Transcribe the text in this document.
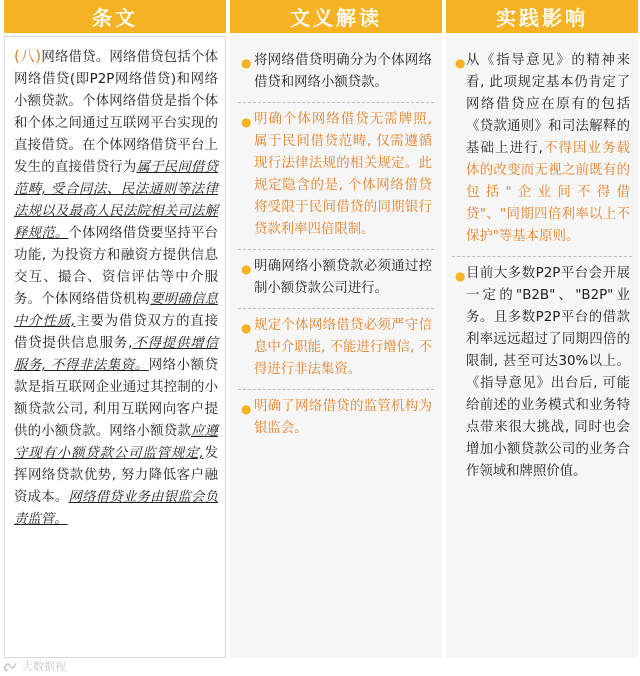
条文	文义解读	实践影响
(八)网络借贷。网络借贷包括个体网络借贷(即P2P网络借贷)和网络小额贷款。个体网络借贷是指个体和个体之间通过互联网平台实现的直接借贷。在个体网络借贷平台上发生的直接借贷行为属于民间借贷范畴, 受合同法、民法通则等法律法规以及最高人民法院相关司法解释规范。个体网络借贷要坚持平台功能, 为投资方和融资方提供信息交互、撮合、资信评估等中介服务。个体网络借贷机构要明确信息中介性质,主要为借贷双方的直接借贷提供信息服务,不得提供增信服务, 不得非法集资。网络小额贷款是指互联网企业通过其控制的小额贷款公司, 利用互联网向客户提供的小额贷款。网络小额贷款应遵守现有小额贷款公司监管规定,发挥网络贷款优势, 努力降低客户融资成本。网络借贷业务由银监会负责监管。
● 将网络借贷明确分为个体网络借贷和网络小额贷款。
● 明确个体网络借贷无需牌照, 属于民间借贷范畴, 仅需遵循现行法律法规的相关规定。此规定隐含的是, 个体网络借贷将受限于民间借贷的同期银行贷款利率四倍限制。
● 明确网络小额贷款必须通过控制小额贷款公司进行。
● 规定个体网络借贷必须严守信息中介职能, 不能进行增信, 不得进行非法集资。
● 明确了网络借贷的监管机构为银监会。
● 从《指导意见》的精神来看, 此项规定基本仍肯定了网络借贷应在原有的包括《贷款通则》和司法解释的基础上进行,不得因业务载体的改变而无视之前既有的包括"企业间不得借贷"、"同期四倍利率以上不保护"等基本原则。
● 目前大多数P2P平台会开展一定的"B2B"、"B2P"业务。且多数P2P平台的借款利率远远超过了同期四倍的限制, 甚至可达30%以上。《指导意见》出台后, 可能给前述的业务模式和业务特点带来很大挑战, 同时也会增加小额贷款公司的业务合作领域和牌照价值。
大数据视
